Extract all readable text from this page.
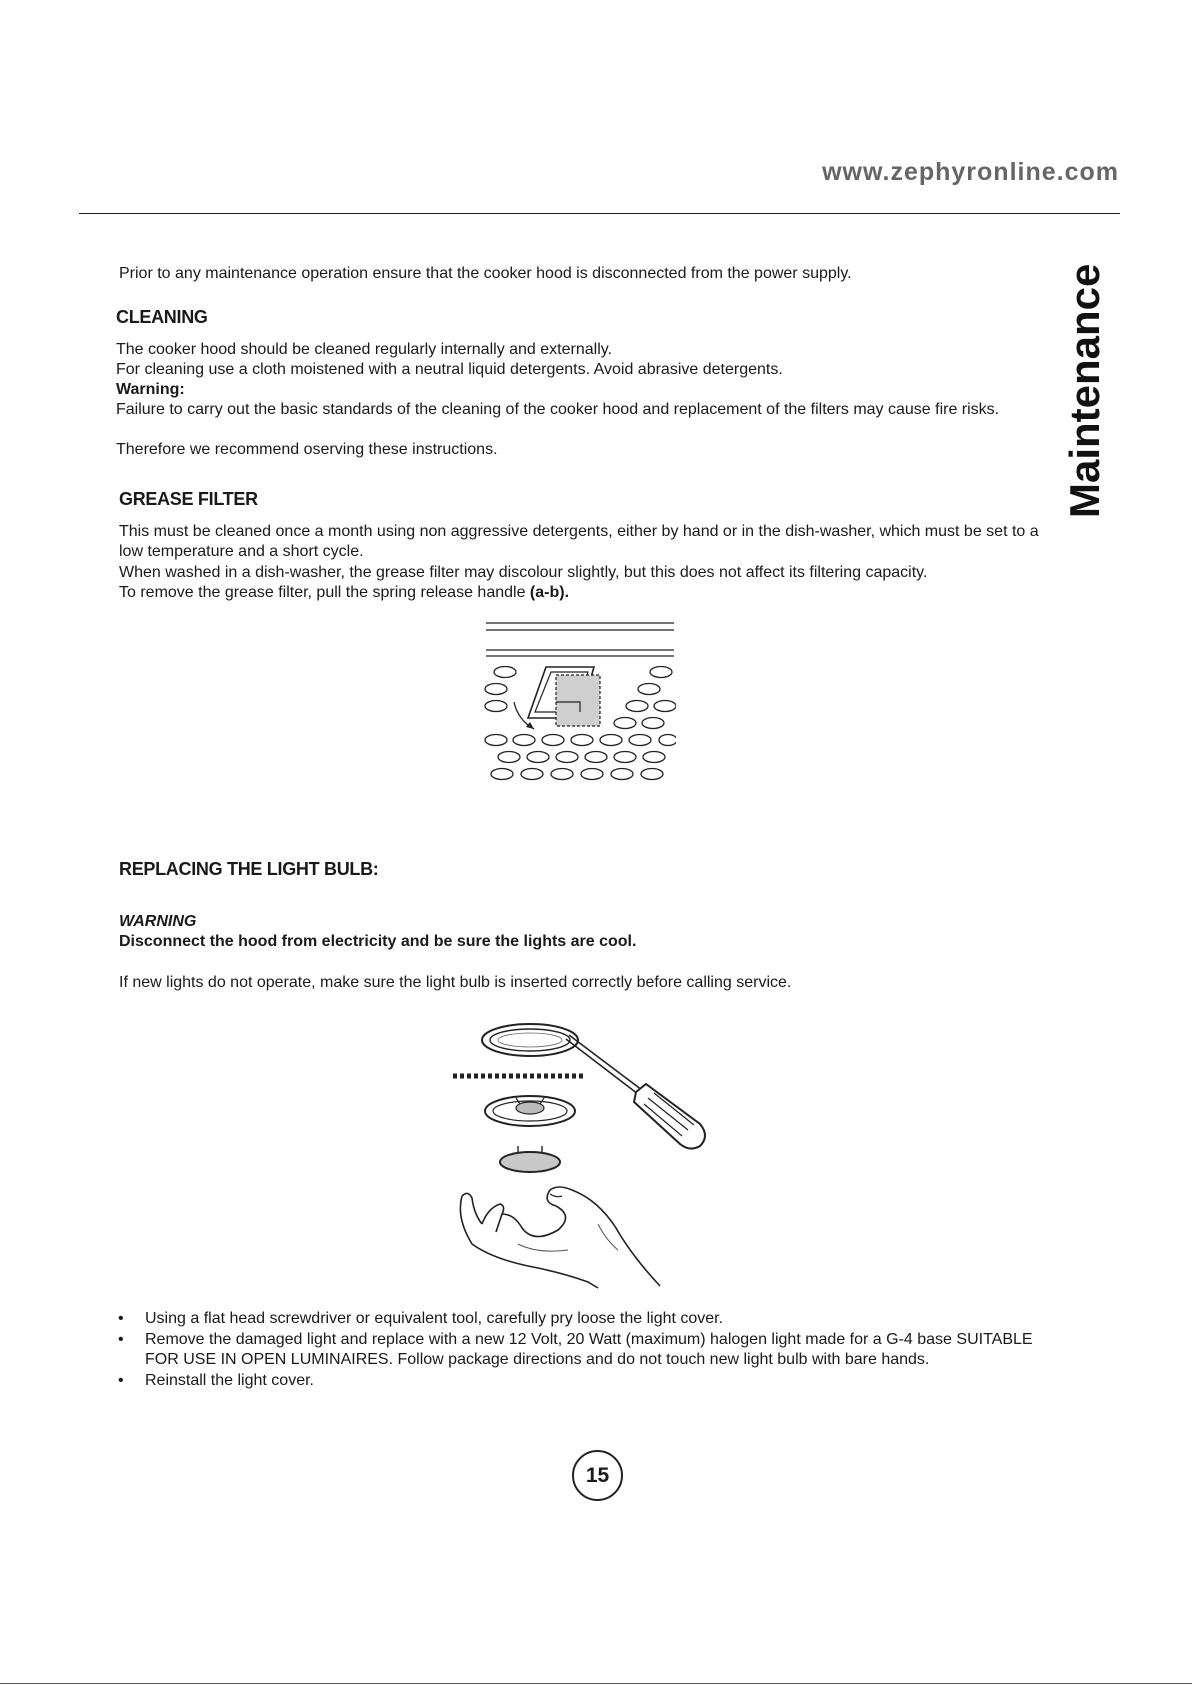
www.zephyronline.com
Maintenance
Prior to any maintenance operation ensure that the cooker hood is disconnected from the power supply.
CLEANING
The cooker hood should be cleaned regularly internally and externally.
For cleaning use a cloth moistened with a neutral liquid detergents. Avoid abrasive detergents.
Warning:
Failure to carry out the basic standards of the cleaning of the cooker hood and replacement of the filters may cause fire risks.
Therefore we recommend oserving these instructions.
GREASE FILTER
This must be cleaned once a month using non aggressive detergents, either by hand or in the dish-washer, which must be set to a low temperature and a short cycle.
When washed in a dish-washer, the grease filter may discolour slightly, but this does not affect its filtering capacity.
To remove the grease filter, pull the spring release handle (a-b).
REPLACING THE LIGHT BULB:
WARNING
Disconnect the hood from electricity and be sure the lights are cool.
If new lights do not operate, make sure the light bulb is inserted correctly before calling service.
• Using a flat head screwdriver or equivalent tool, carefully pry loose the light cover.
• Remove the damaged light and replace with a new 12 Volt, 20 Watt (maximum) halogen light made for a G-4 base SUITABLE FOR USE IN OPEN LUMINAIRES. Follow package directions and do not touch new light bulb with bare hands.
• Reinstall the light cover.
15
